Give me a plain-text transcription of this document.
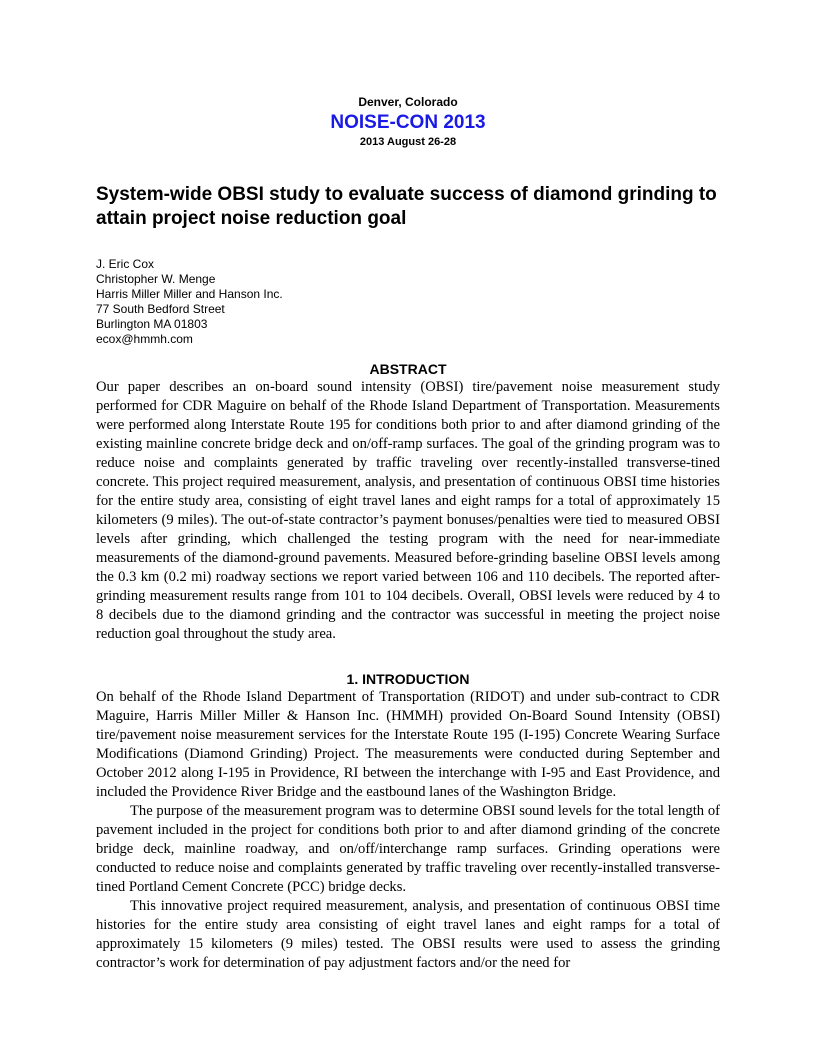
Denver, Colorado
NOISE-CON 2013
2013 August 26-28
System-wide OBSI study to evaluate success of diamond grinding to attain project noise reduction goal
J. Eric Cox
Christopher W. Menge
Harris Miller Miller and Hanson Inc.
77 South Bedford Street
Burlington MA 01803
ecox@hmmh.com
ABSTRACT

Our paper describes an on-board sound intensity (OBSI) tire/pavement noise measurement study performed for CDR Maguire on behalf of the Rhode Island Department of Transportation. Measurements were performed along Interstate Route 195 for conditions both prior to and after diamond grinding of the existing mainline concrete bridge deck and on/off-ramp surfaces. The goal of the grinding program was to reduce noise and complaints generated by traffic traveling over recently-installed transverse-tined concrete. This project required measurement, analysis, and presentation of continuous OBSI time histories for the entire study area, consisting of eight travel lanes and eight ramps for a total of approximately 15 kilometers (9 miles). The out-of-state contractor’s payment bonuses/penalties were tied to measured OBSI levels after grinding, which challenged the testing program with the need for near-immediate measurements of the diamond-ground pavements. Measured before-grinding baseline OBSI levels among the 0.3 km (0.2 mi) roadway sections we report varied between 106 and 110 decibels. The reported after-grinding measurement results range from 101 to 104 decibels. Overall, OBSI levels were reduced by 4 to 8 decibels due to the diamond grinding and the contractor was successful in meeting the project noise reduction goal throughout the study area.

1. INTRODUCTION

On behalf of the Rhode Island Department of Transportation (RIDOT) and under sub-contract to CDR Maguire, Harris Miller Miller & Hanson Inc. (HMMH) provided On-Board Sound Intensity (OBSI) tire/pavement noise measurement services for the Interstate Route 195 (I-195) Concrete Wearing Surface Modifications (Diamond Grinding) Project. The measurements were conducted during September and October 2012 along I-195 in Providence, RI between the interchange with I-95 and East Providence, and included the Providence River Bridge and the eastbound lanes of the Washington Bridge.

The purpose of the measurement program was to determine OBSI sound levels for the total length of pavement included in the project for conditions both prior to and after diamond grinding of the concrete bridge deck, mainline roadway, and on/off/interchange ramp surfaces. Grinding operations were conducted to reduce noise and complaints generated by traffic traveling over recently-installed transverse-tined Portland Cement Concrete (PCC) bridge decks.

This innovative project required measurement, analysis, and presentation of continuous OBSI time histories for the entire study area consisting of eight travel lanes and eight ramps for a total of approximately 15 kilometers (9 miles) tested. The OBSI results were used to assess the grinding contractor’s work for determination of pay adjustment factors and/or the need for
